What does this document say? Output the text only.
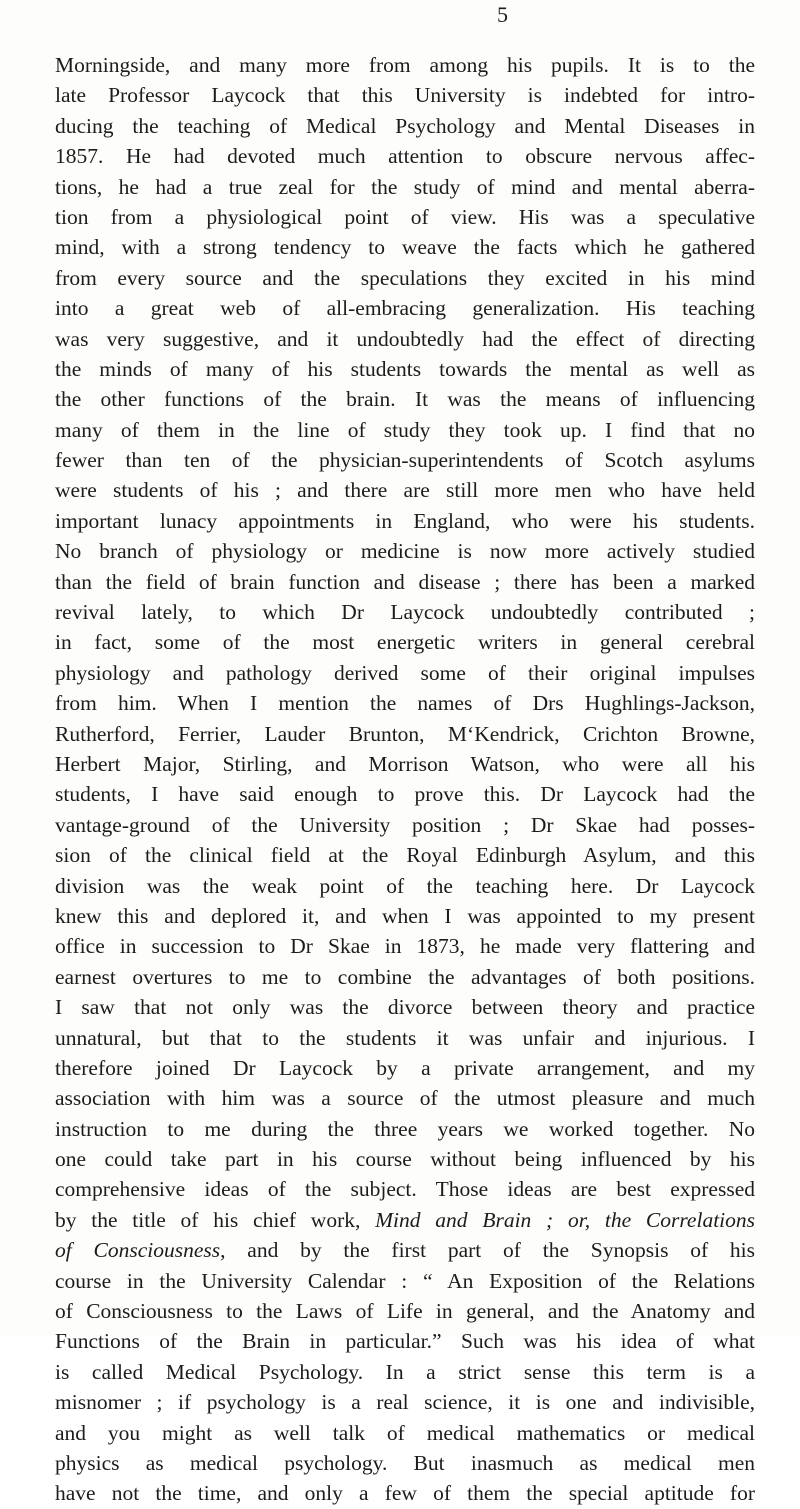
5
Morningside, and many more from among his pupils. It is to the
late Professor Laycock that this University is indebted for intro-
ducing the teaching of Medical Psychology and Mental Diseases in
1857. He had devoted much attention to obscure nervous affec-
tions, he had a true zeal for the study of mind and mental aberra-
tion from a physiological point of view. His was a speculative
mind, with a strong tendency to weave the facts which he gathered
from every source and the speculations they excited in his mind
into a great web of all-embracing generalization. His teaching
was very suggestive, and it undoubtedly had the effect of directing
the minds of many of his students towards the mental as well as
the other functions of the brain. It was the means of influencing
many of them in the line of study they took up. I find that no
fewer than ten of the physician-superintendents of Scotch asylums
were students of his ; and there are still more men who have held
important lunacy appointments in England, who were his students.
No branch of physiology or medicine is now more actively studied
than the field of brain function and disease ; there has been a marked
revival lately, to which Dr Laycock undoubtedly contributed ;
in fact, some of the most energetic writers in general cerebral
physiology and pathology derived some of their original impulses
from him. When I mention the names of Drs Hughlings-Jackson,
Rutherford, Ferrier, Lauder Brunton, M‘Kendrick, Crichton Browne,
Herbert Major, Stirling, and Morrison Watson, who were all his
students, I have said enough to prove this. Dr Laycock had the
vantage-ground of the University position ; Dr Skae had posses-
sion of the clinical field at the Royal Edinburgh Asylum, and this
division was the weak point of the teaching here. Dr Laycock
knew this and deplored it, and when I was appointed to my present
office in succession to Dr Skae in 1873, he made very flattering and
earnest overtures to me to combine the advantages of both positions.
I saw that not only was the divorce between theory and practice
unnatural, but that to the students it was unfair and injurious. I
therefore joined Dr Laycock by a private arrangement, and my
association with him was a source of the utmost pleasure and much
instruction to me during the three years we worked together. No
one could take part in his course without being influenced by his
comprehensive ideas of the subject. Those ideas are best expressed
by the title of his chief work, Mind and Brain ; or, the Correlations
of Consciousness, and by the first part of the Synopsis of his
course in the University Calendar : “ An Exposition of the Relations
of Consciousness to the Laws of Life in general, and the Anatomy and
Functions of the Brain in particular.” Such was his idea of what
is called Medical Psychology. In a strict sense this term is a
misnomer ; if psychology is a real science, it is one and indivisible,
and you might as well talk of medical mathematics or medical
physics as medical psychology. But inasmuch as medical men
have not the time, and only a few of them the special aptitude for
